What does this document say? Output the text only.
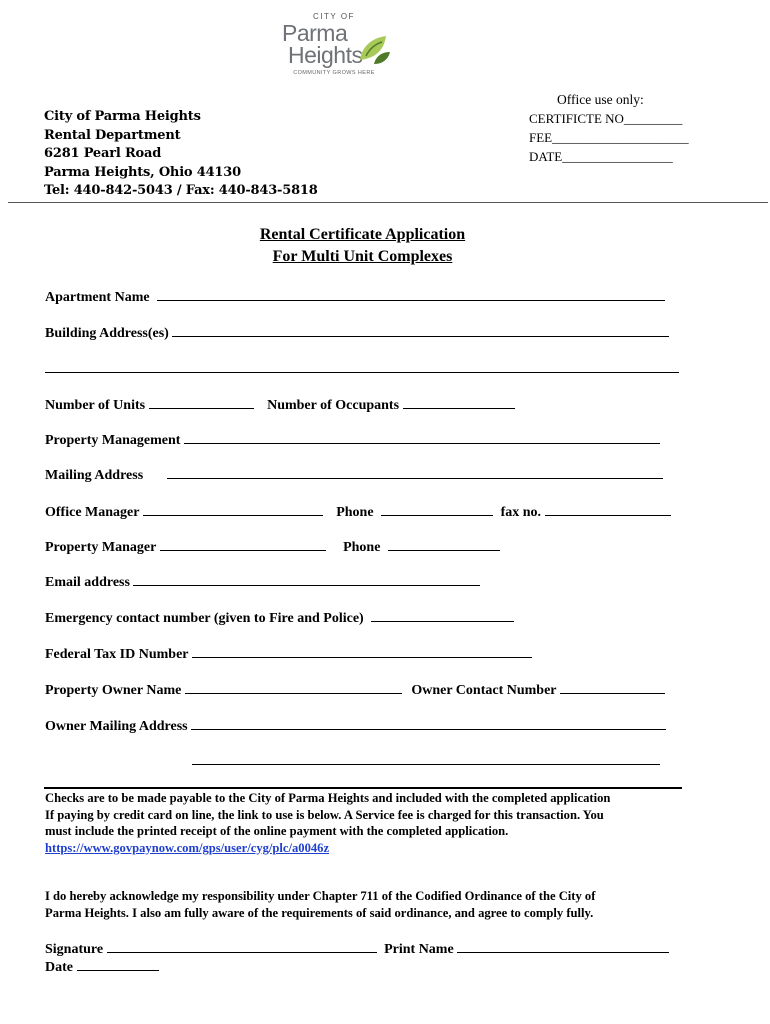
CITY OF
Parma
Heights
COMMUNITY GROWS HERE
City of Parma Heights
Rental Department
6281 Pearl Road
Parma Heights, Ohio 44130
Tel: 440-842-5043 / Fax: 440-843-5818
Office use only:
CERTIFICTE NO_________
FEE_____________________
DATE_________________
Rental Certificate Application
For Multi Unit Complexes
Apartment Name
Building Address(es)
Number of Units	Number of Occupants
Property Management
Mailing Address
Office Manager	Phone	fax no.
Property Manager	Phone
Email address
Emergency contact number (given to Fire and Police)
Federal Tax ID Number
Property Owner Name	Owner Contact Number
Owner Mailing Address
Checks are to be made payable to the City of Parma Heights and included with the completed application
If paying by credit card on line, the link to use is below. A Service fee is charged for this transaction. You
must include the printed receipt of the online payment with the completed application.
https://www.govpaynow.com/gps/user/cyg/plc/a0046z
I do hereby acknowledge my responsibility under Chapter 711 of the Codified Ordinance of the City of
Parma Heights. I also am fully aware of the requirements of said ordinance, and agree to comply fully.
Signature	Print Name
Date
